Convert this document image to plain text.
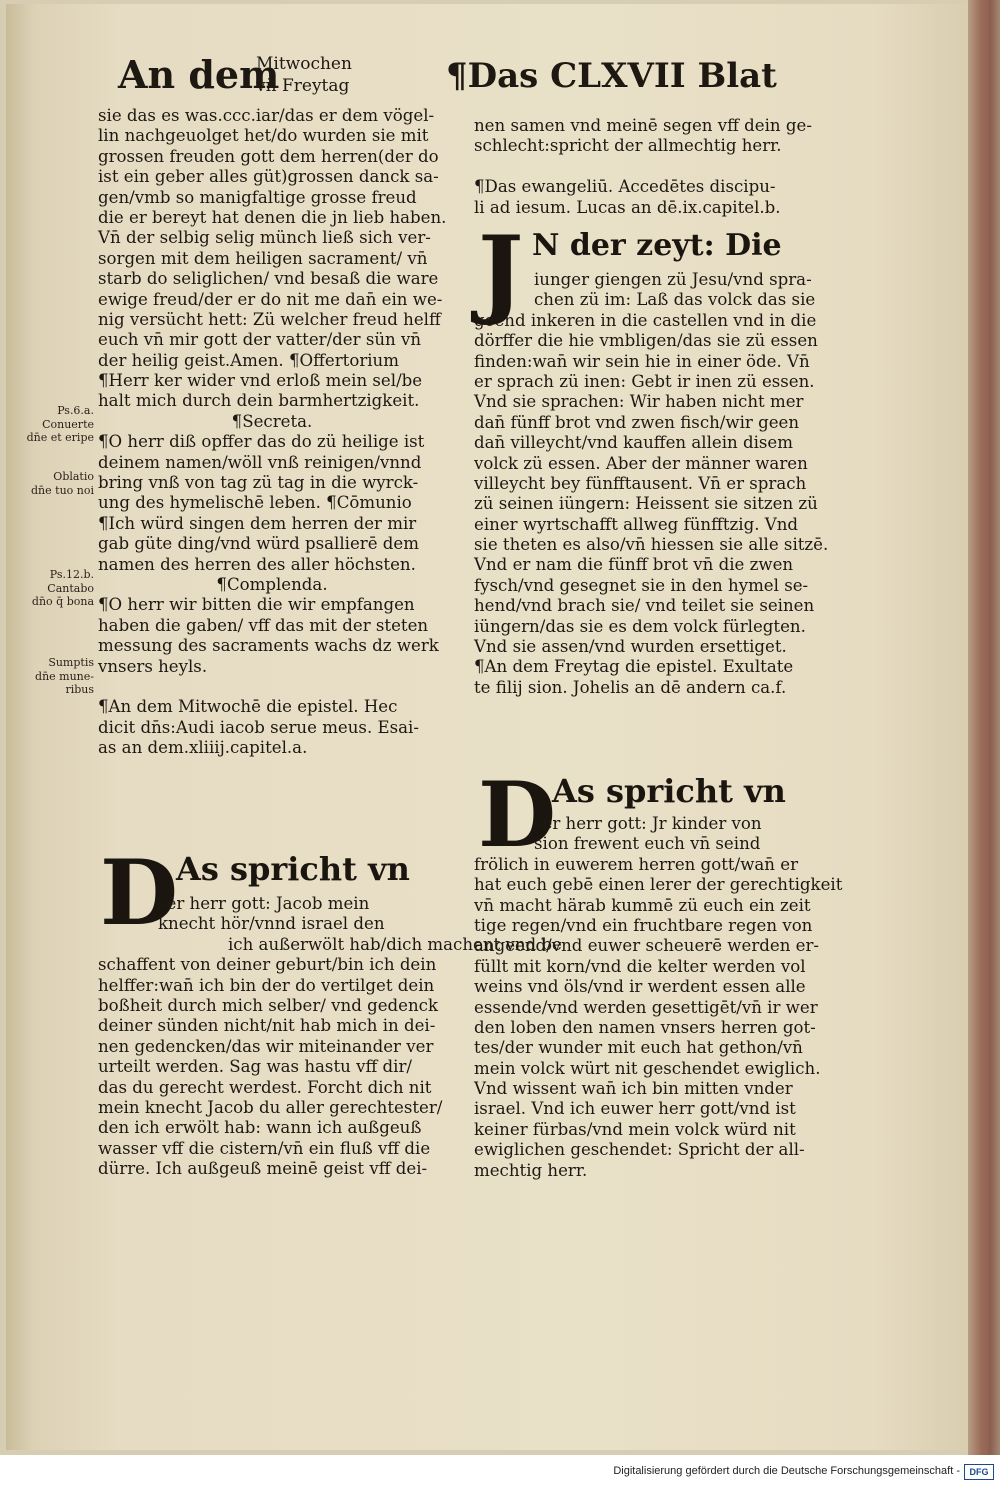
An dem
Mitwochen
vn̄ Freytag	¶Das CLXVII Blat
sie das es was.ccc.iar/das er dem vögel-
lin nachgeuolget het/do wurden sie mit
grossen freuden gott dem herren(der do
ist ein geber alles güt)grossen danck sa-
gen/vmb so manigfaltige grosse freud
die er bereyt hat denen die jn lieb haben.
Vn̄ der selbig selig münch ließ sich ver-
sorgen mit dem heiligen sacrament/ vn̄
starb do seliglichen/ vnd besaß die ware
ewige freud/der er do nit me dan̄ ein we-
nig versücht hett: Zü welcher freud helff
euch vn̄ mir gott der vatter/der sün vn̄
der heilig geist.Amen. ¶Offertorium
¶Herr ker wider vnd erloß mein sel/be
halt mich durch dein barmhertzigkeit.
¶Secreta.
¶O herr diß opffer das do zü heilige ist
deinem namen/wöll vnß reinigen/vnnd
bring vnß von tag zü tag in die wyrck-
ung des hymelischē leben. ¶Cōmunio
¶Ich würd singen dem herren der mir
gab güte ding/vnd würd psallierē dem
namen des herren des aller höchsten.
¶Complenda.
¶O herr wir bitten die wir empfangen
haben die gaben/ vff das mit der steten
messung des sacraments wachs dz werk
vnsers heyls.
¶An dem Mitwochē die epistel. Hec
dicit dn̄s:Audi iacob serue meus. Esai-
as an dem.xliiij.capitel.a.
D
As spricht vn
ser herr gott: Jacob mein
knecht hör/vnnd israel den
ich außerwölt hab/dich machent vnd be
schaffent von deiner geburt/bin ich dein
helffer:wan̄ ich bin der do vertilget dein
boßheit durch mich selber/ vnd gedenck
deiner sünden nicht/nit hab mich in dei-
nen gedencken/das wir miteinander ver
urteilt werden. Sag was hastu vff dir/
das du gerecht werdest. Forcht dich nit
mein knecht Jacob du aller gerechtester/
den ich erwölt hab: wann ich außgeuß
wasser vff die cistern/vn̄ ein fluß vff die
dürre. Ich außgeuß meinē geist vff dei-
nen samen vnd meinē segen vff dein ge-
schlecht:spricht der allmechtig herr.
¶Das ewangeliū. Accedētes discipu-
li ad iesum. Lucas an dē.ix.capitel.b.
J N der zeyt: Die
iunger giengen zü Jesu/vnd spra-
chen zü im: Laß das volck das sie
geend inkeren in die castellen vnd in die
dörffer die hie vmbligen/das sie zü essen
finden:wan̄ wir sein hie in einer öde. Vn̄
er sprach zü inen: Gebt ir inen zü essen.
Vnd sie sprachen: Wir haben nicht mer
dan̄ fünff brot vnd zwen fisch/wir geen
dan̄ villeycht/vnd kauffen allein disem
volck zü essen. Aber der männer waren
villeycht bey fünfftausent. Vn̄ er sprach
zü seinen iüngern: Heissent sie sitzen zü
einer wyrtschafft allweg fünfftzig. Vnd
sie theten es also/vn̄ hiessen sie alle sitzē.
Vnd er nam die fünff brot vn̄ die zwen
fysch/vnd gesegnet sie in den hymel se-
hend/vnd brach sie/ vnd teilet sie seinen
iüngern/das sie es dem volck fürlegten.
Vnd sie assen/vnd wurden ersettiget.
¶An dem Freytag die epistel. Exultate
te filij sion. Johelis an dē andern ca.f.
D
As spricht vn
ser herr gott: Jr kinder von
sion frewent euch vn̄ seind
frölich in euwerem herren gott/wan̄ er
hat euch gebē einen lerer der gerechtigkeit
vn̄ macht härab kummē zü euch ein zeit
tige regen/vnd ein fruchtbare regen von
angeend/vnd euwer scheuerē werden er-
füllt mit korn/vnd die kelter werden vol
weins vnd öls/vnd ir werdent essen alle
essende/vnd werden gesettigēt/vn̄ ir wer
den loben den namen vnsers herren got-
tes/der wunder mit euch hat gethon/vn̄
mein volck würt nit geschendet ewiglich.
Vnd wissent wan̄ ich bin mitten vnder
israel. Vnd ich euwer herr gott/vnd ist
keiner fürbas/vnd mein volck würd nit
ewiglichen geschendet: Spricht der all-
mechtig herr.
Ps.6.a.
Conuerte
dn̄e et eripe
Oblatio
dn̄e tuo noi
Ps.12.b.
Cantabo
dn̄o q̄ bona
Sumptis
dn̄e mune-
ribus
Digitalisierung gefördert durch die Deutsche Forschungsgemeinschaft -	DFG
